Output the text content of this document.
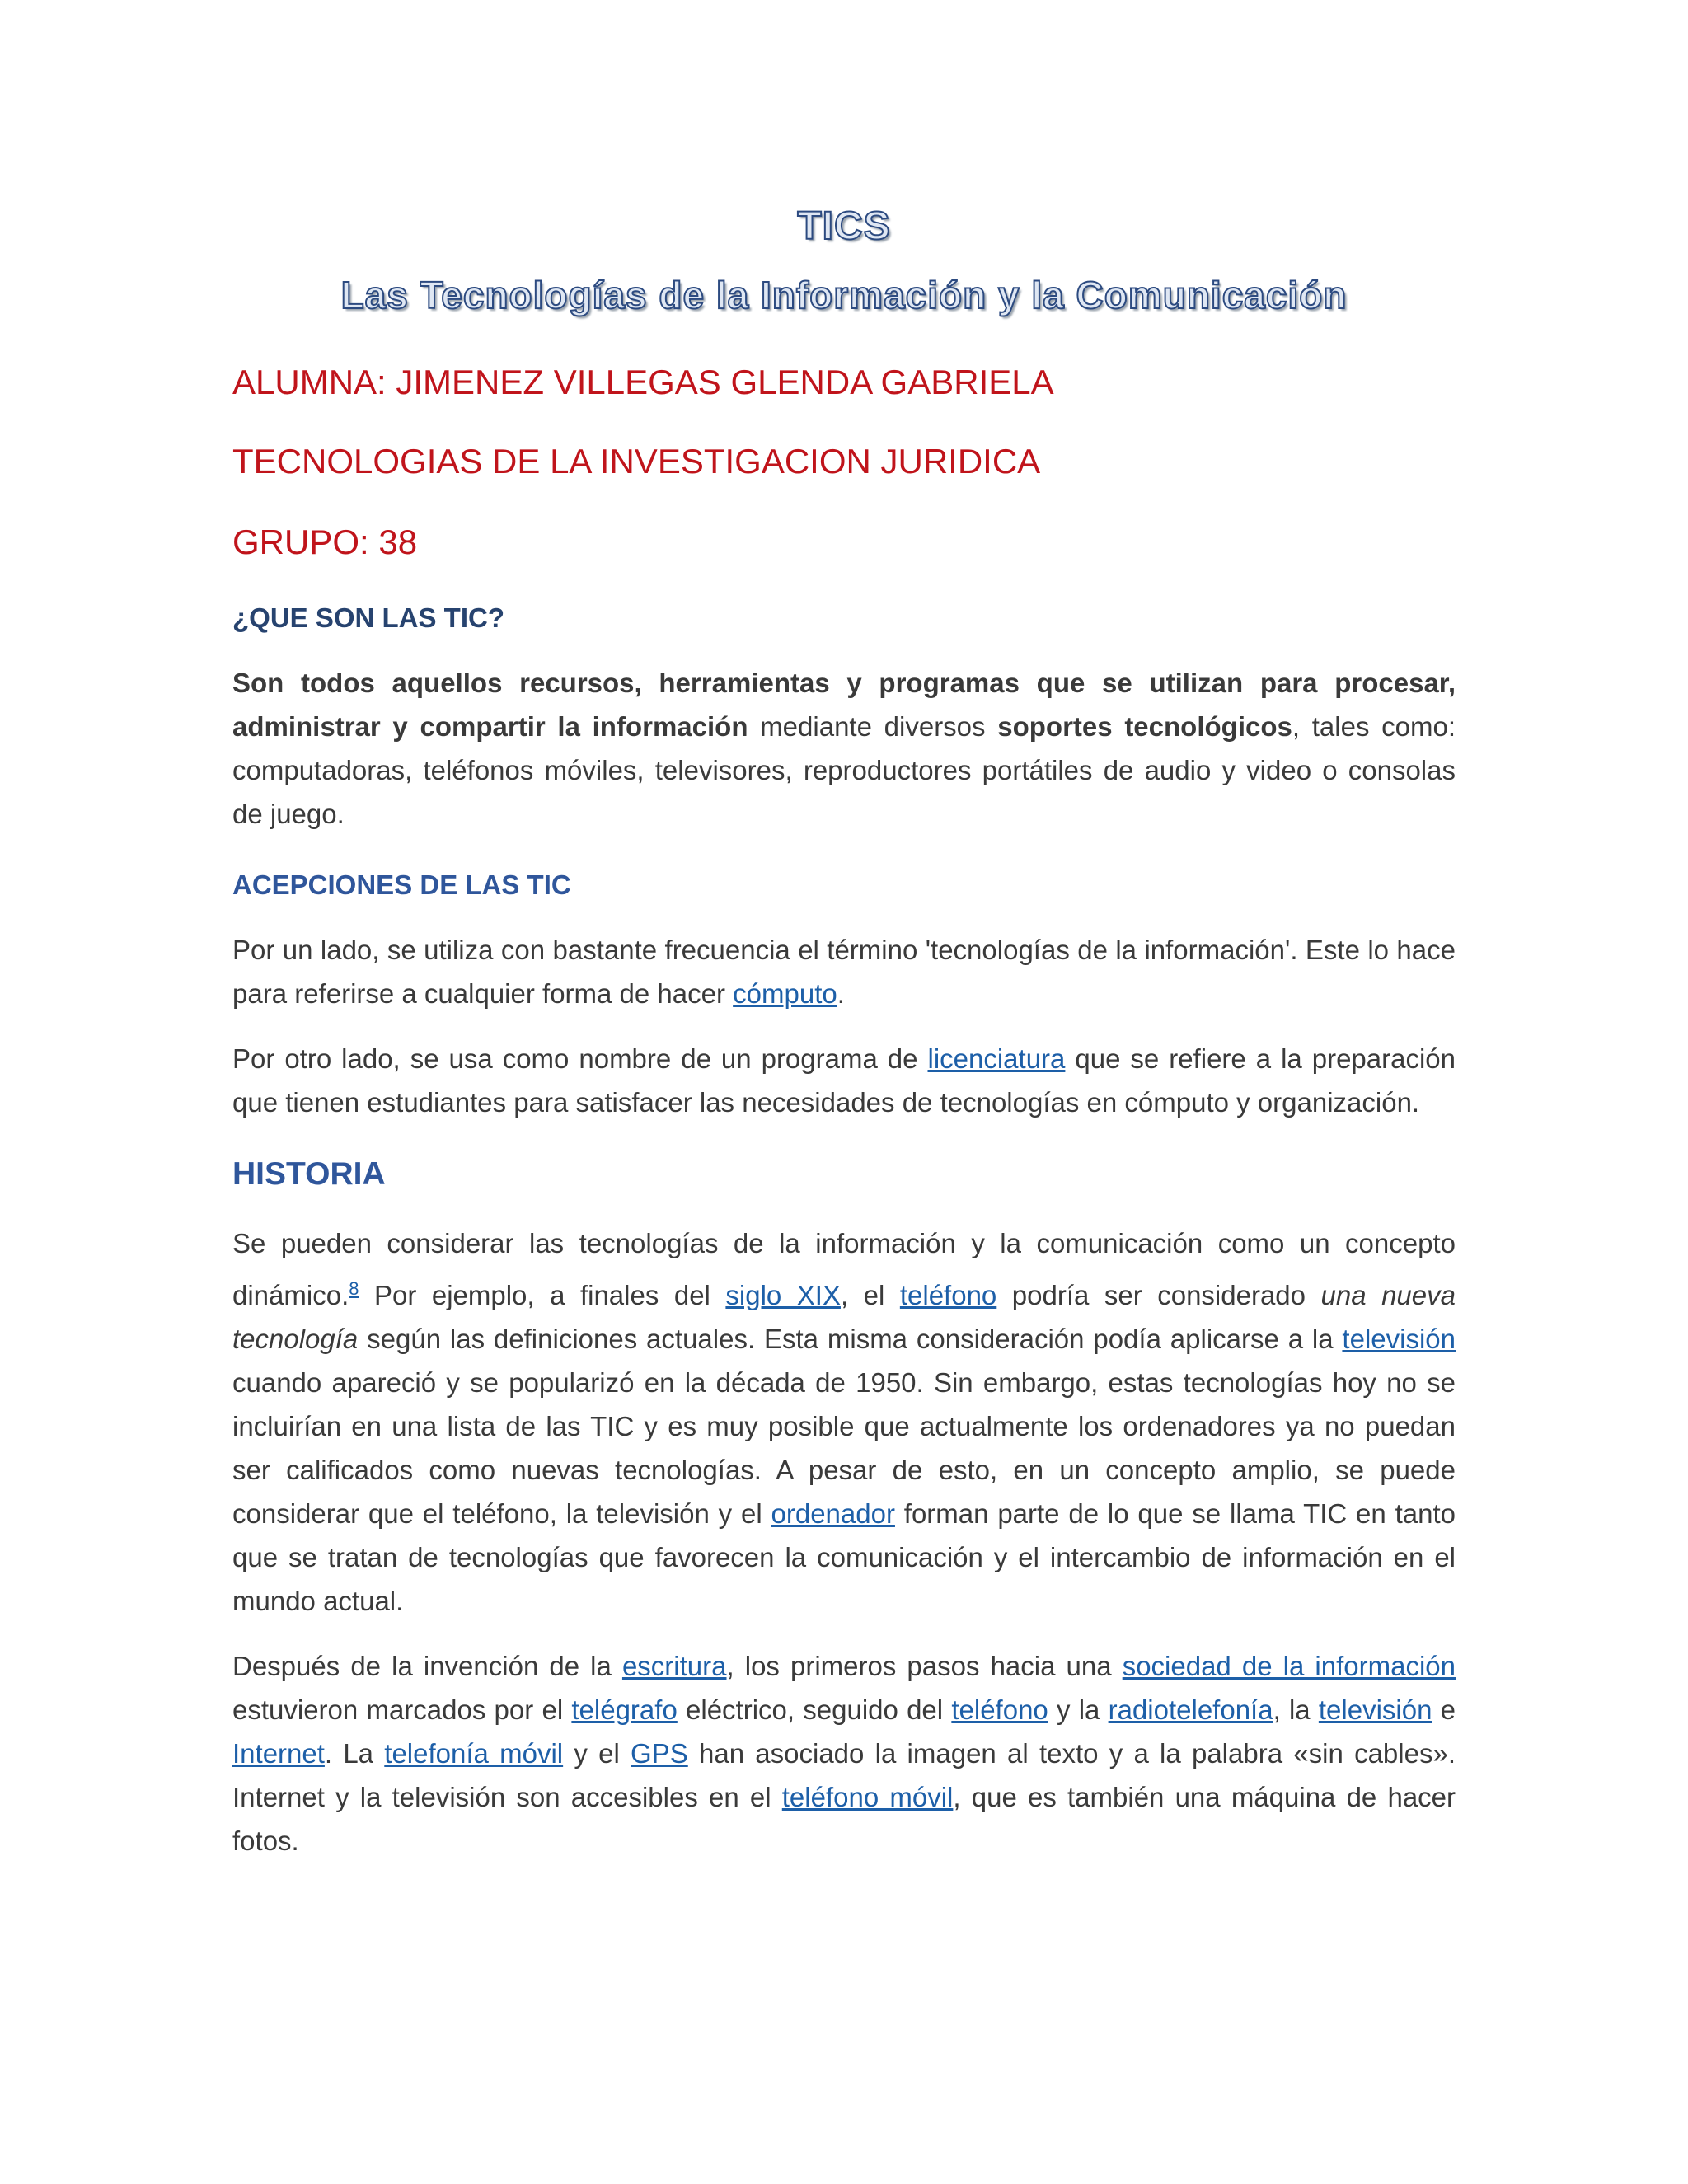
TICS
Las Tecnologías de la Información y la Comunicación

ALUMNA: JIMENEZ VILLEGAS GLENDA GABRIELA

TECNOLOGIAS DE LA INVESTIGACION JURIDICA

GRUPO: 38

¿QUE SON LAS TIC?

Son todos aquellos recursos, herramientas y programas que se utilizan para procesar, administrar y compartir la información mediante diversos soportes tecnológicos, tales como: computadoras, teléfonos móviles, televisores, reproductores portátiles de audio y video o consolas de juego.

ACEPCIONES DE LAS TIC

Por un lado, se utiliza con bastante frecuencia el término 'tecnologías de la información'. Este lo hace para referirse a cualquier forma de hacer cómputo.

Por otro lado, se usa como nombre de un programa de licenciatura que se refiere a la preparación que tienen estudiantes para satisfacer las necesidades de tecnologías en cómputo y organización.

HISTORIA

Se pueden considerar las tecnologías de la información y la comunicación como un concepto dinámico.$^8$ Por ejemplo, a finales del siglo XIX, el teléfono podría ser considerado una nueva tecnología según las definiciones actuales. Esta misma consideración podía aplicarse a la televisión cuando apareció y se popularizó en la década de 1950. Sin embargo, estas tecnologías hoy no se incluirían en una lista de las TIC y es muy posible que actualmente los ordenadores ya no puedan ser calificados como nuevas tecnologías. A pesar de esto, en un concepto amplio, se puede considerar que el teléfono, la televisión y el ordenador forman parte de lo que se llama TIC en tanto que se tratan de tecnologías que favorecen la comunicación y el intercambio de información en el mundo actual.

Después de la invención de la escritura, los primeros pasos hacia una sociedad de la información estuvieron marcados por el telégrafo eléctrico, seguido del teléfono y la radiotelefonía, la televisión e Internet. La telefonía móvil y el GPS han asociado la imagen al texto y a la palabra «sin cables». Internet y la televisión son accesibles en el teléfono móvil, que es también una máquina de hacer fotos.
